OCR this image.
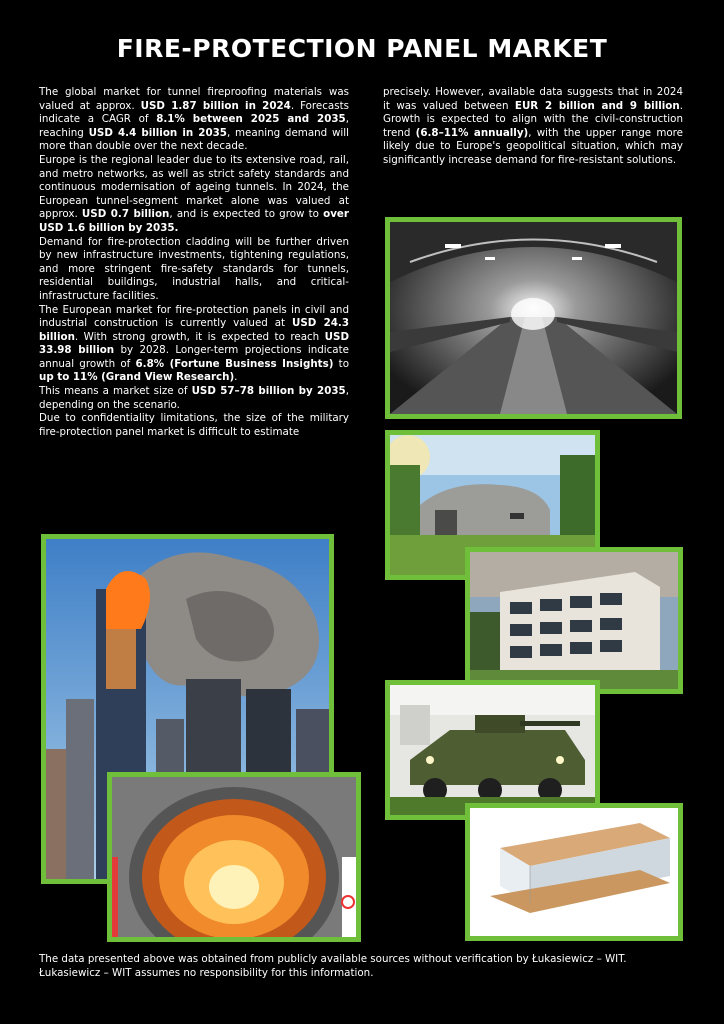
FIRE-PROTECTION PANEL MARKET

The global market for tunnel fireproofing materials was valued at approx. USD 1.87 billion in 2024. Forecasts indicate a CAGR of 8.1% between 2025 and 2035, reaching USD 4.4 billion in 2035, meaning demand will more than double over the next decade.

Europe is the regional leader due to its extensive road, rail, and metro networks, as well as strict safety standards and continuous modernisation of ageing tunnels. In 2024, the European tunnel-segment market alone was valued at approx. USD 0.7 billion, and is expected to grow to over USD 1.6 billion by 2035.

Demand for fire-protection cladding will be further driven by new infrastructure investments, tightening regulations, and more stringent fire-safety standards for tunnels, residential buildings, industrial halls, and critical-infrastructure facilities.

The European market for fire-protection panels in civil and industrial construction is currently valued at USD 24.3 billion. With strong growth, it is expected to reach USD 33.98 billion by 2028. Longer-term projections indicate annual growth of 6.8% (Fortune Business Insights) to up to 11% (Grand View Research).

This means a market size of USD 57–78 billion by 2035, depending on the scenario.

Due to confidentiality limitations, the size of the military fire-protection panel market is difficult to estimate

precisely. However, available data suggests that in 2024 it was valued between EUR 2 billion and 9 billion. Growth is expected to align with the civil-construction trend (6.8–11% annually), with the upper range more likely due to Europe's geopolitical situation, which may significantly increase demand for fire-resistant solutions.

The data presented above was obtained from publicly available sources without verification by Łukasiewicz – WIT.
Łukasiewicz – WIT assumes no responsibility for this information.
